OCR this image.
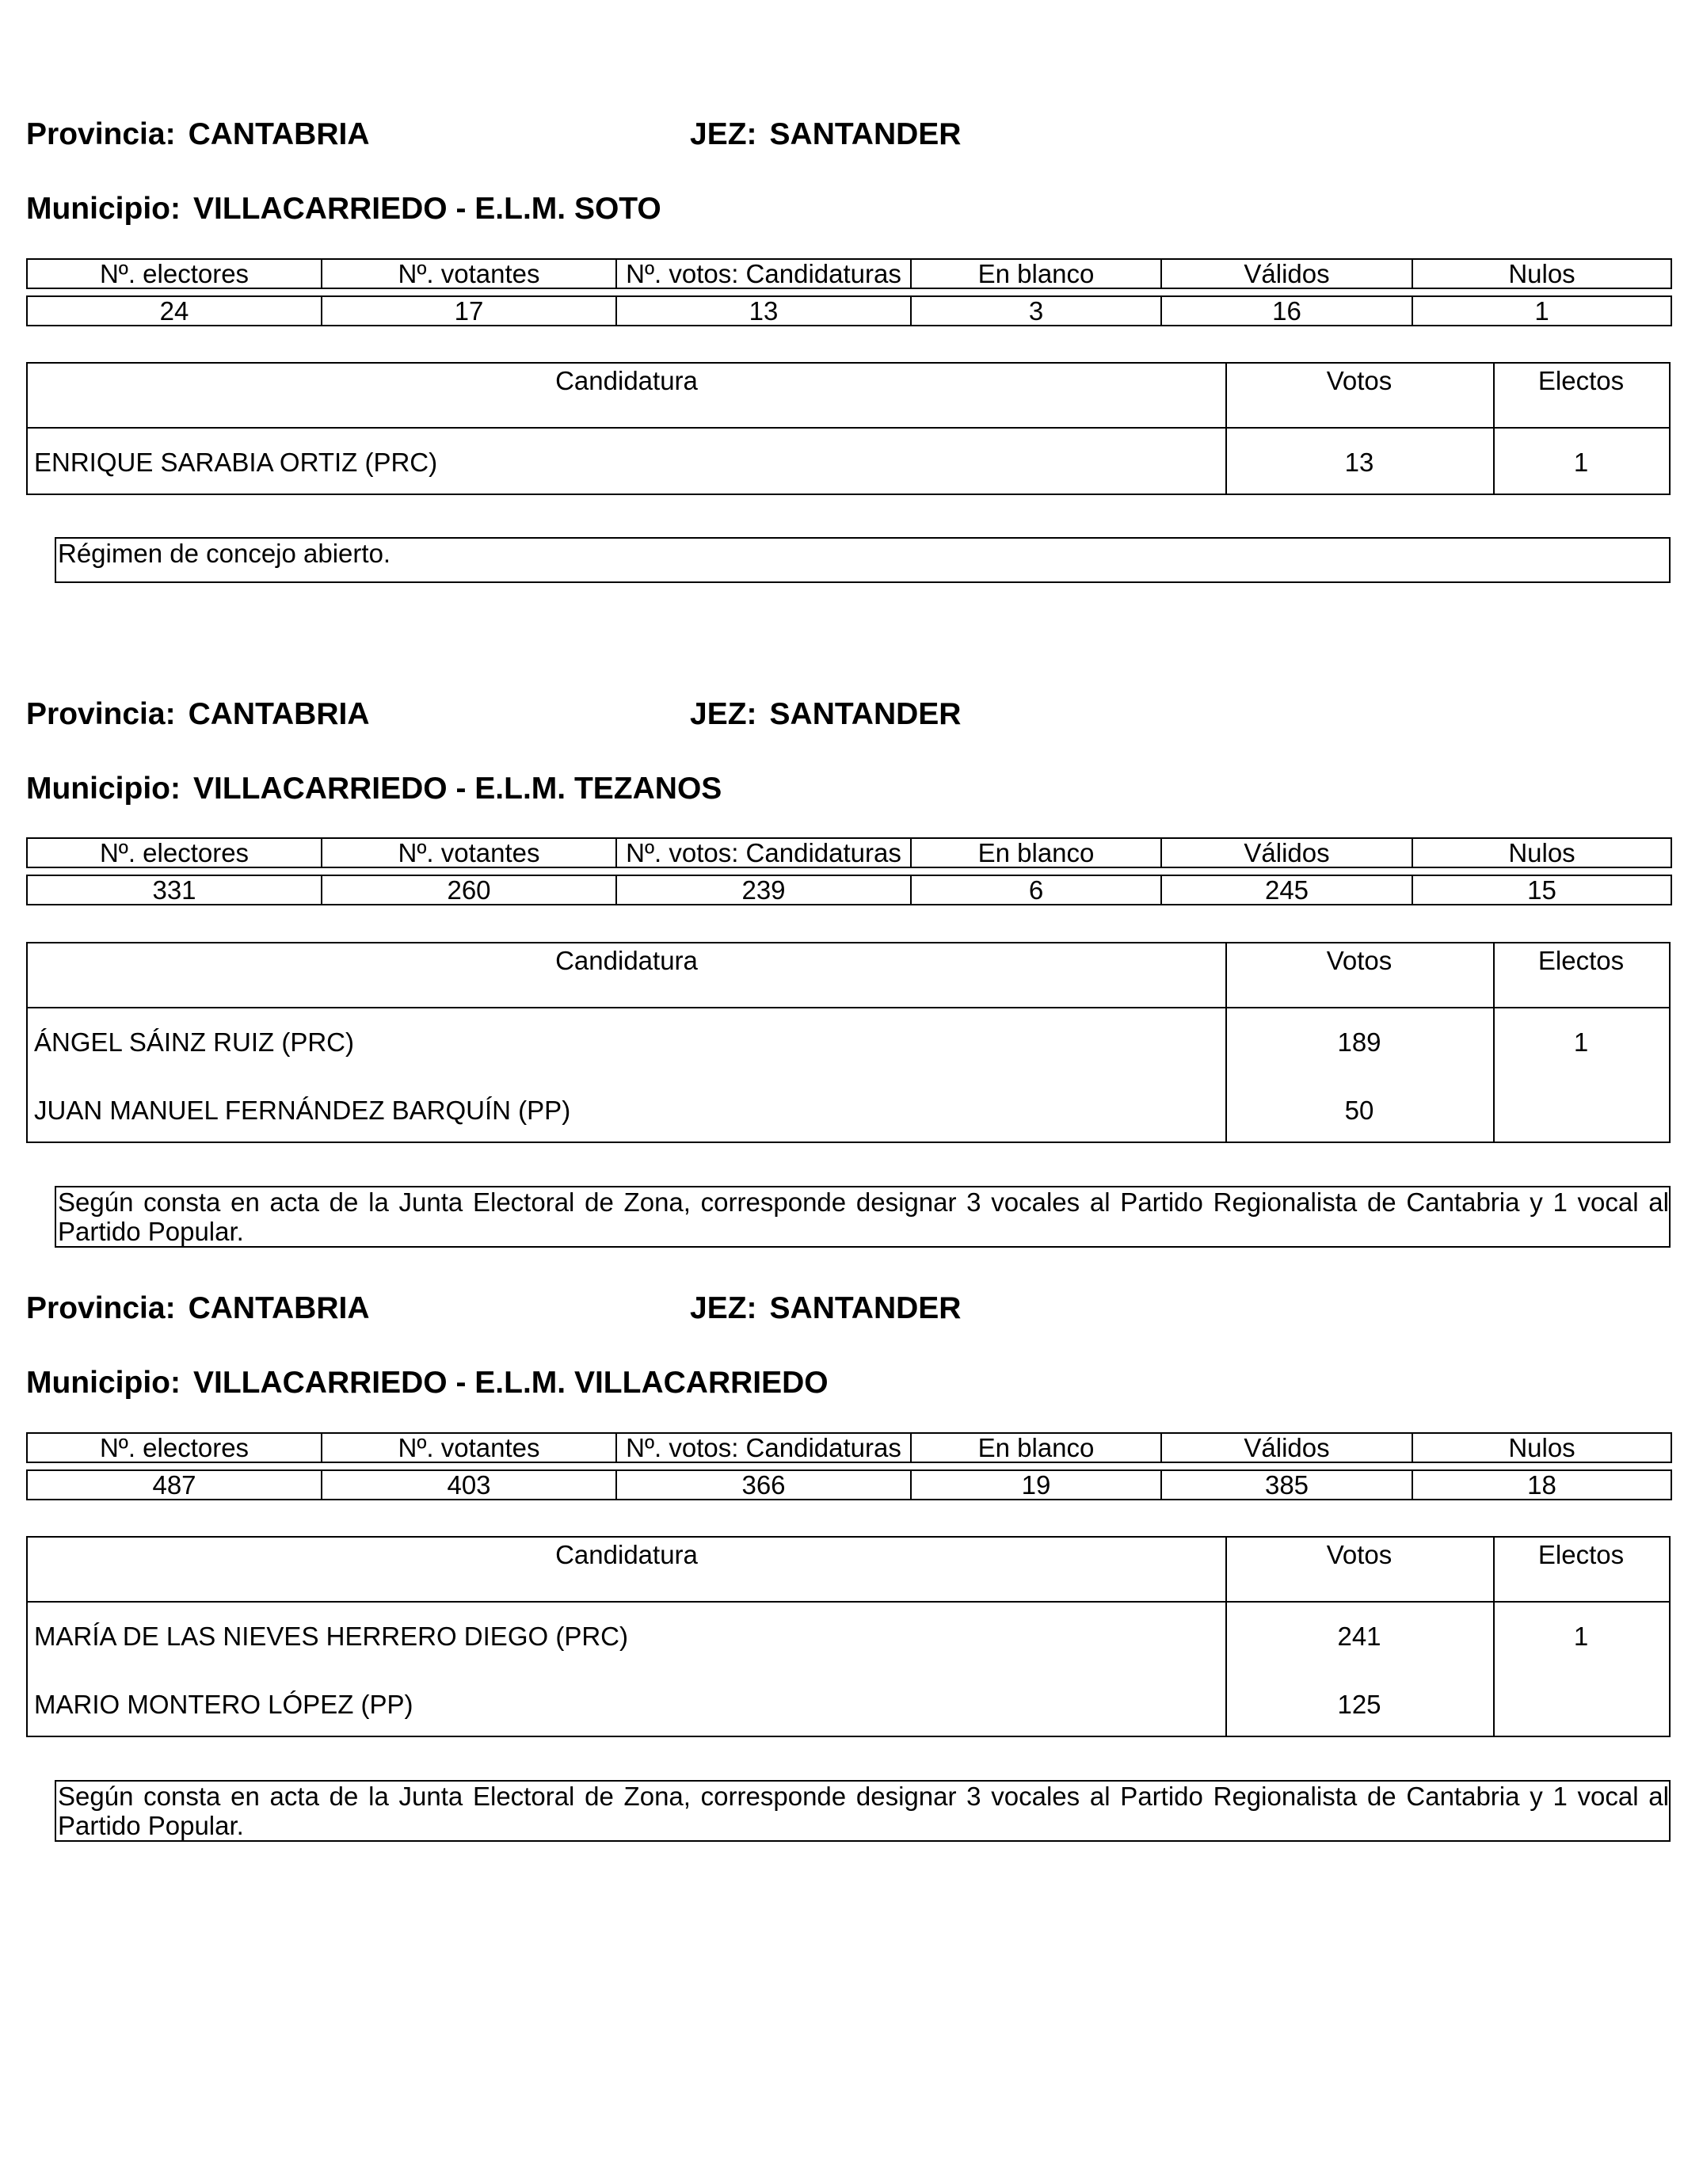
Provincia: CANTABRIA	JEZ: SANTANDER
Municipio: VILLACARRIEDO - E.L.M. SOTO
Nº. electores	Nº. votantes	Nº. votos: Candidaturas	En blanco	Válidos	Nulos

24	17	13	3	16	1
Candidatura	Votos	Electos
ENRIQUE SARABIA ORTIZ (PRC)	13	1
Régimen de concejo abierto.
Provincia: CANTABRIA	JEZ: SANTANDER
Municipio: VILLACARRIEDO - E.L.M. TEZANOS
Nº. electores	Nº. votantes	Nº. votos: Candidaturas	En blanco	Válidos	Nulos

331	260	239	6	245	15
Candidatura	Votos	Electos
ÁNGEL SÁINZ RUIZ (PRC)	189	1
JUAN MANUEL FERNÁNDEZ BARQUÍN (PP)	50
Según consta en acta de la Junta Electoral de Zona, corresponde designar 3 vocales al Partido Regionalista de Cantabria y 1 vocal al Partido Popular.
Provincia: CANTABRIA	JEZ: SANTANDER
Municipio: VILLACARRIEDO - E.L.M. VILLACARRIEDO
Nº. electores	Nº. votantes	Nº. votos: Candidaturas	En blanco	Válidos	Nulos

487	403	366	19	385	18
Candidatura	Votos	Electos
MARÍA DE LAS NIEVES HERRERO DIEGO (PRC)	241	1
MARIO MONTERO LÓPEZ (PP)	125
Según consta en acta de la Junta Electoral de Zona, corresponde designar 3 vocales al Partido Regionalista de Cantabria y 1 vocal al Partido Popular.
